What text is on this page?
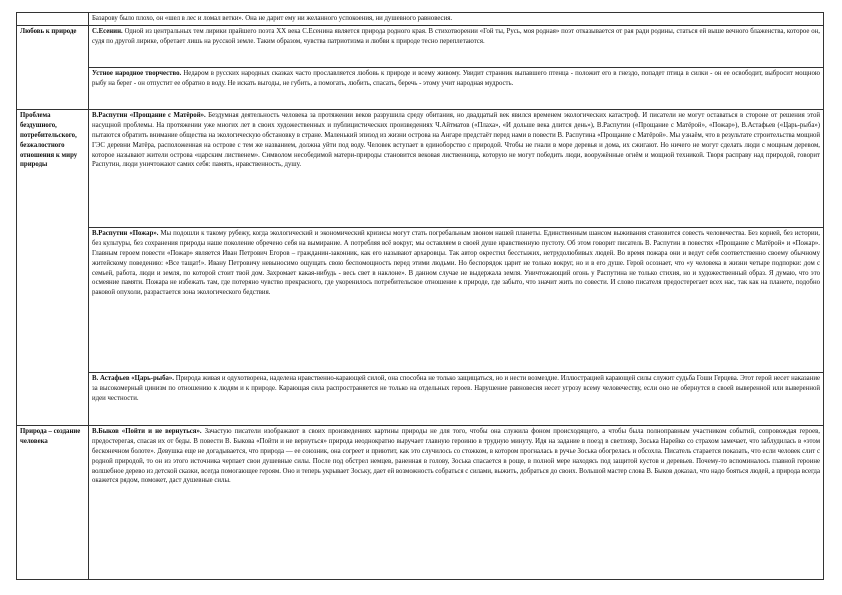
	Базарову было плохо, он «шел в лес и ломал ветки». Она не дарит ему ни желанного успокоения, ни душевного равновесия.
Любовь к природе	С.Есенин. Одной из центральных тем лирики прайшего поэта XX века С.Есенина является природа родного края. В стихотворении «Гой ты, Русь, моя родная» поэт отказывается от рая ради родины, статься ей выше вечного блаженства, которое он, судя по другой лирике, обретает лишь на русской земле. Таким образом, чувства патриотизма и любви к природе тесно переплетаются.
	Устное народное творчество. Недаром в русских народных сказках часто прославляется любовь к природе и всему живому. Увидит странник выпавшего птенца - положит его в гнездо, попадет птица в силки - он ее освободит, выбросит мощною рыбу на берег - он отпустит ее обратно в воду. Не искать выгоды, не губить, а помогать, любить, спасать, беречь - этому учит народная мудрость.
Проблема бездушного, потребительского, безжалостного отношения к миру природы	В.Распутин «Прощание с Матёрой». Бездумная деятельность человека за протяжении веков разрушила среду обитания, но двадцатый век явился временем экологических катастроф. И писатели не могут оставаться в стороне от решения этой насущной проблемы. На протяжении уже многих лет в своих художественных и публицистических произведениях Ч.Айтматов («Плаха», «И дольше века длится день»), В.Распутин («Прощание с Матёрой», «Пожар»), В.Астафьев («Царь-рыба») пытаются обратить внимание общества на экологическую обстановку в стране. Маленький эпизод из жизни острова на Ангаре предстаёт перед нами в повести В. Распутина «Прощание с Матёрой». Мы узнаём, что в результате строительства мощной ГЭС деревни Матёра, расположенная на острове с тем же названием, должна уйти под воду. Человек вступает в единоборство с природой. Чтобы не гнали в море деревья и дома, их сжигают. Но ничего не могут сделать люди с мощным деревом, которое называют жители острова «царским лиственем». Символом несобедимой матери-природы становится вековая лиственница, которую не могут победить люди, вооружённые огнём и мощной техникой. Творя расправу над природой, говорит Распутин, люди уничтожают самих себя: память, нравственность, душу.
	В.Распутин «Пожар». Мы подошли к такому рубежу, когда экологический и экономический кризисы могут стать погребальным звоном нашей планеты. Единственным шансом выживания становится совесть человечества. Без корней, без истории, без культуры, без сохранения природы наше поколение обречено себя на вымирание. А потребляя всё вокруг, мы оставляем в своей душе нравственную пустоту. Об этом говорит писатель В. Распутин в повестях «Прощание с Матёрой» и «Пожар». Главным героем повести «Пожар» является Иван Петрович Егоров – гражданин-законник, как его называют архаровцы. Так автор окрестил бесстыжих, нетрудолюбивых людей. Во время пожара они и ведут себя соответственно своему обычному житейскому поведению: «Все тащат!». Ивану Петровичу невыносимо ощущать свою беспомощность перед этими людьми. Но беспорядок царит не только вокруг, но и в его душе. Герой осознает, что «у человека в жизни четыре подпорки: дом с семьей, работа, люди и земля, по которой стоит твой дом. Захромает какая-нибудь - весь свет в наклоне». В данном случае не выдержала земля. Уничтожающий огонь у Распутина не только стихия, но и художественный образ. Я думаю, что это осмеяние памяти. Пожара не избежать там, где потеряно чувство прекрасного, где укоренилось потребительское отношение к природе, где забыто, что значит жить по совести. И слово писателя предостерегает всех нас, так как на планете, подобно раковой опухоли, разрастается зона экологического бедствия.
	В. Астафьев «Царь-рыба». Природа живая и одухотворена, наделена нравственно-карающей силой, она способна не только защищаться, но и нести возмездие. Иллюстрацией карающей силы служит судьба Гоши Герцева. Этот герой несет наказание за высокомерный цинизм по отношению к людям и к природе. Карающая сила распространяется не только на отдельных героев. Нарушение равновесия несет угрозу всему человечеству, если оно не обернутся в своей выверенной или выверенной идеи честности.
Природа – создание человека	В.Быков «Пойти и не вернуться». Зачастую писатели изображают в своих произведениях картины природы не для того, чтобы она служила фоном происходящего, а чтобы была полноправным участником событий, сопровождая героев, предостерегая, спасая их от беды. В повести В. Быкова «Пойти и не вернуться» природа неоднократно выручает главную героиню в трудную минуту. Идя на задание в поезд в светлояр, Зоська Нарейко со страхом замечает, что заблудилась в «этом бесконечном болоте». Девушка еще не догадывается, что природа — ее союзник, она согреет и приютит, как это случилось со стожком, в котором прогналась в ручье Зоська обогрелась и обсохла. Писатель старается показать, что если человек слит с родной природой, то он из этого источника черпает свои душевные силы. После под обстрел немцев, раненная в голову, Зоська спасается в роще, в полной мере находясь под защитой кустов и деревьев. Почему-то вспоминалось главной героине волшебное дерево из детской сказки, всегда помогающее героям. Оно и теперь укрывает Зоську, дает ей возможность собраться с силами, выжить, добраться до своих. Вольшой мастер слова В. Быков доказал, что надо бояться людей, а природа всегда окажется рядом, поможет, даст душевные силы.
